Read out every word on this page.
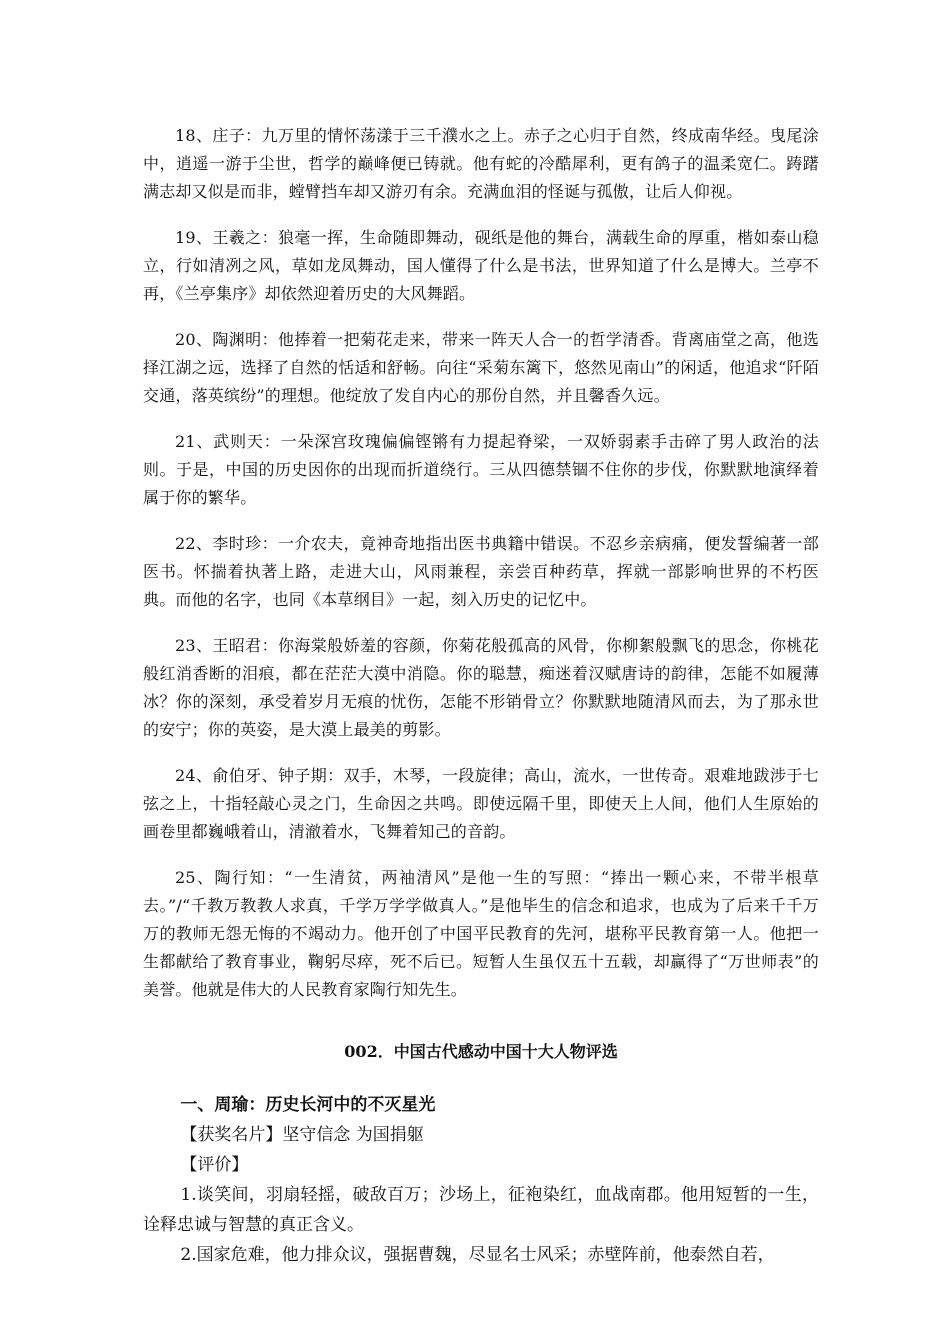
18、庄子：九万里的情怀荡漾于三千濮水之上。赤子之心归于自然，终成南华经。曳尾涂中，逍遥一游于尘世，哲学的巅峰便已铸就。他有蛇的冷酷犀利，更有鸽子的温柔宽仁。踌躇满志却又似是而非，螳臂挡车却又游刃有余。充满血泪的怪诞与孤傲，让后人仰视。

19、王羲之：狼毫一挥，生命随即舞动，砚纸是他的舞台，满载生命的厚重，楷如泰山稳立，行如清冽之风，草如龙凤舞动，国人懂得了什么是书法，世界知道了什么是博大。兰亭不再，《兰亭集序》却依然迎着历史的大风舞蹈。

20、陶渊明：他捧着一把菊花走来，带来一阵天人合一的哲学清香。背离庙堂之高，他选择江湖之远，选择了自然的恬适和舒畅。向往“采菊东篱下，悠然见南山”的闲适，他追求“阡陌交通，落英缤纷”的理想。他绽放了发自内心的那份自然，并且馨香久远。

21、武则天：一朵深宫玫瑰偏偏铿锵有力提起脊梁，一双娇弱素手击碎了男人政治的法则。于是，中国的历史因你的出现而折道绕行。三从四德禁锢不住你的步伐，你默默地演绎着属于你的繁华。

22、李时珍：一介农夫，竟神奇地指出医书典籍中错误。不忍乡亲病痛，便发誓编著一部医书。怀揣着执著上路，走进大山，风雨兼程，亲尝百种药草，挥就一部影响世界的不朽医典。而他的名字，也同《本草纲目》一起，刻入历史的记忆中。

23、王昭君：你海棠般娇羞的容颜，你菊花般孤高的风骨，你柳絮般飘飞的思念，你桃花般红消香断的泪痕，都在茫茫大漠中消隐。你的聪慧，痴迷着汉赋唐诗的韵律，怎能不如履薄冰？你的深刻，承受着岁月无痕的忧伤，怎能不形销骨立？你默默地随清风而去，为了那永世的安宁；你的英姿，是大漠上最美的剪影。

24、俞伯牙、钟子期：双手，木琴，一段旋律；高山，流水，一世传奇。艰难地跋涉于七弦之上，十指轻敲心灵之门，生命因之共鸣。即使远隔千里，即使天上人间，他们人生原始的画卷里都巍峨着山，清澈着水，飞舞着知己的音韵。

25、陶行知：“一生清贫，两袖清风”是他一生的写照：“捧出一颗心来，不带半根草去。”/“千教万教教人求真，千学万学学做真人。”是他毕生的信念和追求，也成为了后来千千万万的教师无怨无悔的不竭动力。他开创了中国平民教育的先河，堪称平民教育第一人。他把一生都献给了教育事业，鞠躬尽瘁，死不后已。短暂人生虽仅五十五载，却赢得了“万世师表”的美誉。他就是伟大的人民教育家陶行知先生。

002．中国古代感动中国十大人物评选

一、周瑜：历史长河中的不灭星光

【获奖名片】坚守信念 为国捐躯

【评价】

1.谈笑间，羽扇轻摇，破敌百万；沙场上，征袍染红，血战南郡。他用短暂的一生，诠释忠诚与智慧的真正含义。

2.国家危难，他力排众议，强据曹魏，尽显名士风采；赤壁阵前，他泰然自若，
